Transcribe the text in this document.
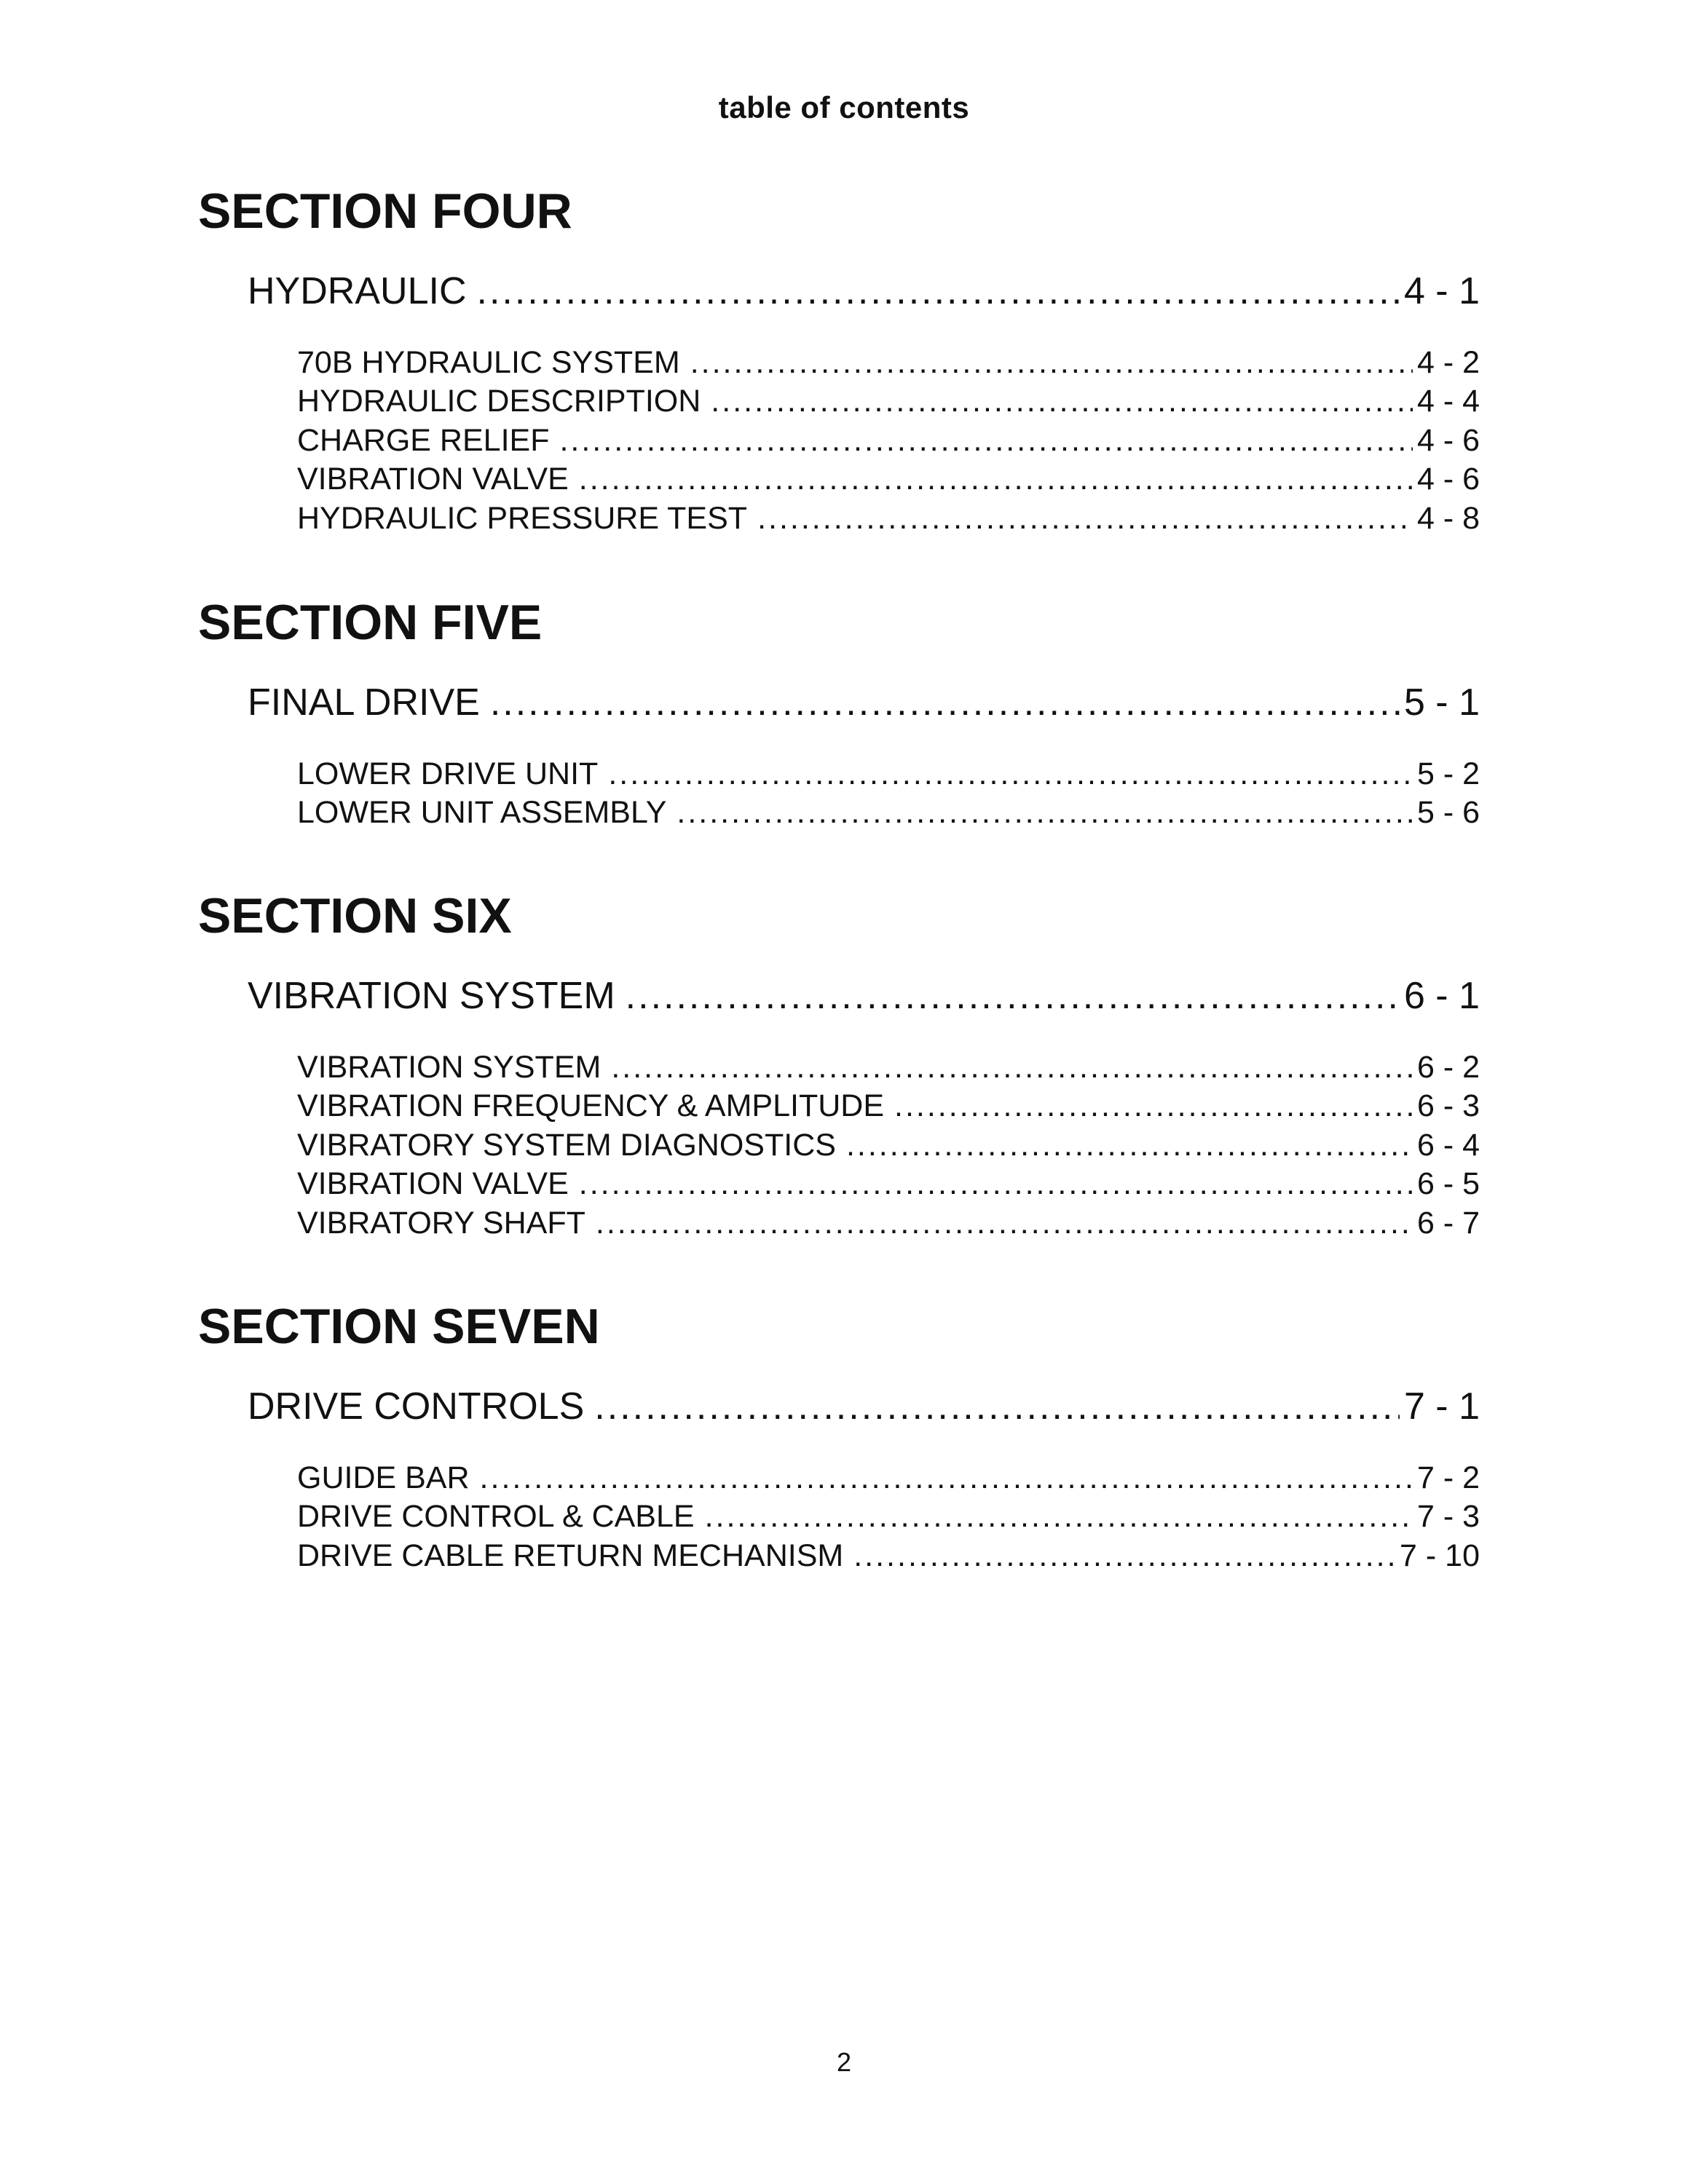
table of contents
SECTION FOUR
HYDRAULIC .....	4 - 1
70B HYDRAULIC SYSTEM .....	4 - 2
HYDRAULIC DESCRIPTION .....	4 - 4
CHARGE RELIEF .....	4 - 6
VIBRATION VALVE .....	4 - 6
HYDRAULIC PRESSURE TEST .....	4 - 8
SECTION FIVE
FINAL DRIVE .....	5 - 1
LOWER DRIVE UNIT .....	5 - 2
LOWER UNIT ASSEMBLY .....	5 - 6
SECTION SIX
VIBRATION SYSTEM .....	6 - 1
VIBRATION SYSTEM .....	6 - 2
VIBRATION FREQUENCY & AMPLITUDE .....	6 - 3
VIBRATORY SYSTEM DIAGNOSTICS .....	6 - 4
VIBRATION VALVE .....	6 - 5
VIBRATORY SHAFT .....	6 - 7
SECTION SEVEN
DRIVE CONTROLS .....	7 - 1
GUIDE BAR .....	7 - 2
DRIVE CONTROL & CABLE .....	7 - 3
DRIVE CABLE RETURN MECHANISM .....	7 - 10
2
